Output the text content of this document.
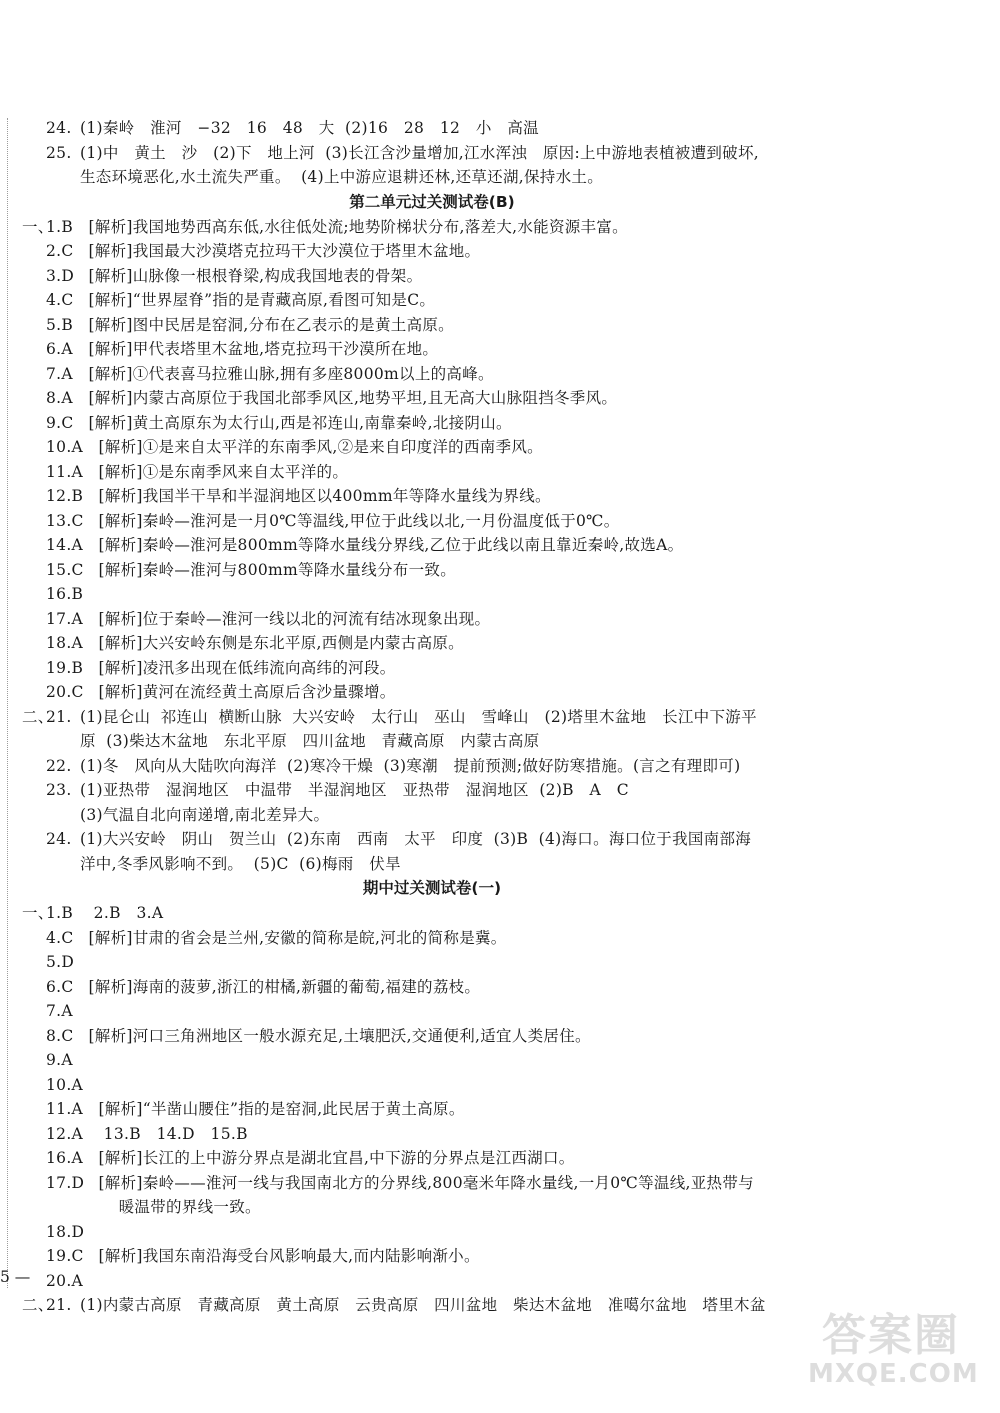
24. (1)秦岭   淮河   −32   16   48   大  (2)16   28   12   小   高温
25. (1)中   黄土   沙   (2)下   地上河  (3)长江含沙量增加,江水浑浊   原因:上中游地表植被遭到破坏,
生态环境恶化,水土流失严重。  (4)上中游应退耕还林,还草还湖,保持水土。
第二单元过关测试卷(B)
一、
1.B [解析]我国地势西高东低,水往低处流;地势阶梯状分布,落差大,水能资源丰富。
2.C [解析]我国最大沙漠塔克拉玛干大沙漠位于塔里木盆地。
3.D [解析]山脉像一根根脊梁,构成我国地表的骨架。
4.C [解析]“世界屋脊”指的是青藏高原,看图可知是C。
5.B [解析]图中民居是窑洞,分布在乙表示的是黄土高原。
6.A [解析]甲代表塔里木盆地,塔克拉玛干沙漠所在地。
7.A [解析]①代表喜马拉雅山脉,拥有多座8000m以上的高峰。
8.A [解析]内蒙古高原位于我国北部季风区,地势平坦,且无高大山脉阻挡冬季风。
9.C [解析]黄土高原东为太行山,西是祁连山,南靠秦岭,北接阴山。
10.A [解析]①是来自太平洋的东南季风,②是来自印度洋的西南季风。
11.A [解析]①是东南季风来自太平洋的。
12.B [解析]我国半干旱和半湿润地区以400mm年等降水量线为界线。
13.C [解析]秦岭—淮河是一月0℃等温线,甲位于此线以北,一月份温度低于0℃。
14.A [解析]秦岭—淮河是800mm等降水量线分界线,乙位于此线以南且靠近秦岭,故选A。
15.C [解析]秦岭—淮河与800mm等降水量线分布一致。
16.B
17.A [解析]位于秦岭—淮河一线以北的河流有结冰现象出现。
18.A [解析]大兴安岭东侧是东北平原,西侧是内蒙古高原。
19.B [解析]凌汛多出现在低纬流向高纬的河段。
20.C [解析]黄河在流经黄土高原后含沙量骤增。
二、
21. (1)昆仑山  祁连山  横断山脉  大兴安岭   太行山   巫山   雪峰山   (2)塔里木盆地   长江中下游平
原  (3)柴达木盆地   东北平原   四川盆地   青藏高原   内蒙古高原
22. (1)冬   风向从大陆吹向海洋  (2)寒冷干燥  (3)寒潮   提前预测;做好防寒措施。(言之有理即可)
23. (1)亚热带   湿润地区   中温带   半湿润地区   亚热带   湿润地区  (2)B   A   C
(3)气温自北向南递增,南北差异大。
24. (1)大兴安岭   阴山   贺兰山  (2)东南   西南   太平   印度  (3)B  (4)海口。海口位于我国南部海
洋中,冬季风影响不到。  (5)C  (6)梅雨   伏旱
期中过关测试卷(一)
一、
1.B 2.B   3.A
4.C [解析]甘肃的省会是兰州,安徽的简称是皖,河北的简称是冀。
5.D
6.C [解析]海南的菠萝,浙江的柑橘,新疆的葡萄,福建的荔枝。
7.A
8.C [解析]河口三角洲地区一般水源充足,土壤肥沃,交通便利,适宜人类居住。
9.A
10.A
11.A [解析]“半凿山腰住”指的是窑洞,此民居于黄土高原。
12.A 13.B   14.D   15.B
16.A [解析]长江的上中游分界点是湖北宜昌,中下游的分界点是江西湖口。
17.D [解析]秦岭——淮河一线与我国南北方的分界线,800毫米年降水量线,一月0℃等温线,亚热带与
暖温带的界线一致。
18.D
19.C [解析]我国东南沿海受台风影响最大,而内陆影响渐小。
20.A
二、
21. (1)内蒙古高原   青藏高原   黄土高原   云贵高原   四川盆地   柴达木盆地   准噶尔盆地   塔里木盆
5 —
答案圈
MXQE.COM
